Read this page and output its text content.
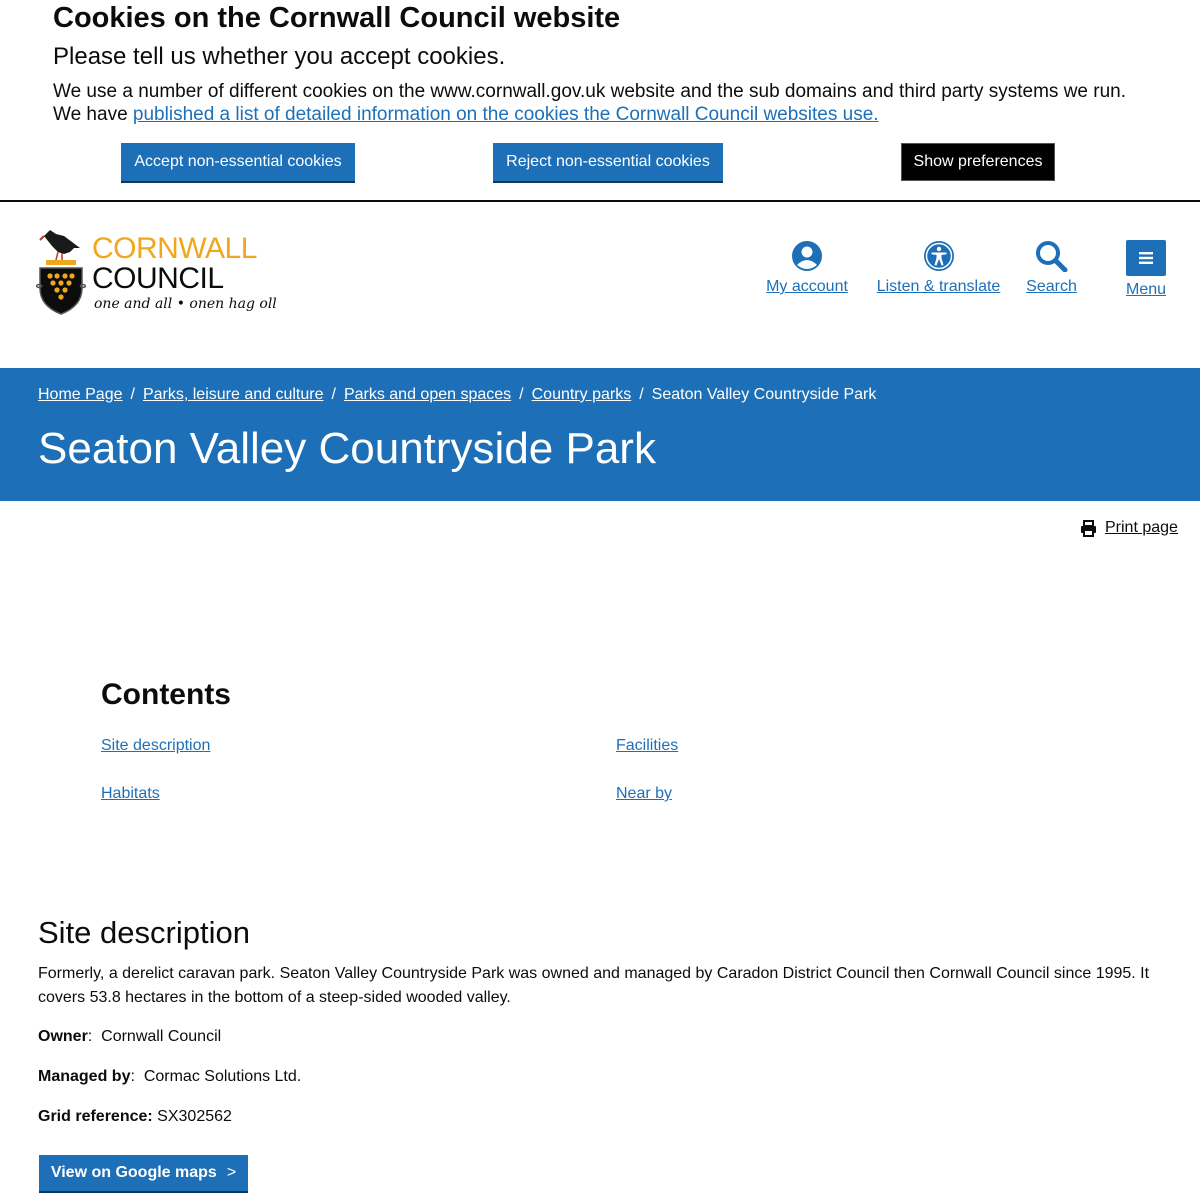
Cookies on the Cornwall Council website

Please tell us whether you accept cookies.

We use a number of different cookies on the www.cornwall.gov.uk website and the sub domains and third party systems we run.
We have published a list of detailed information on the cookies the Cornwall Council websites use.
Accept non-essential cookies	Reject non-essential cookies	Show preferences
CORNWALL
COUNCIL
one and all • onen hag oll
My account Listen & translate Search	Menu
Home Page / Parks, leisure and culture / Parks and open spaces / Country parks / Seaton Valley Countryside Park
Seaton Valley Countryside Park
Print page
Contents
Site description	Facilities
Habitats	Near by
Site description

Formerly, a derelict caravan park. Seaton Valley Countryside Park was owned and managed by Caradon District Council then Cornwall Council since 1995. It covers 53.8 hectares in the bottom of a steep-sided wooded valley.

Owner:  Cornwall Council

Managed by:  Cormac Solutions Ltd.

Grid reference: SX302562

View on Google maps >
